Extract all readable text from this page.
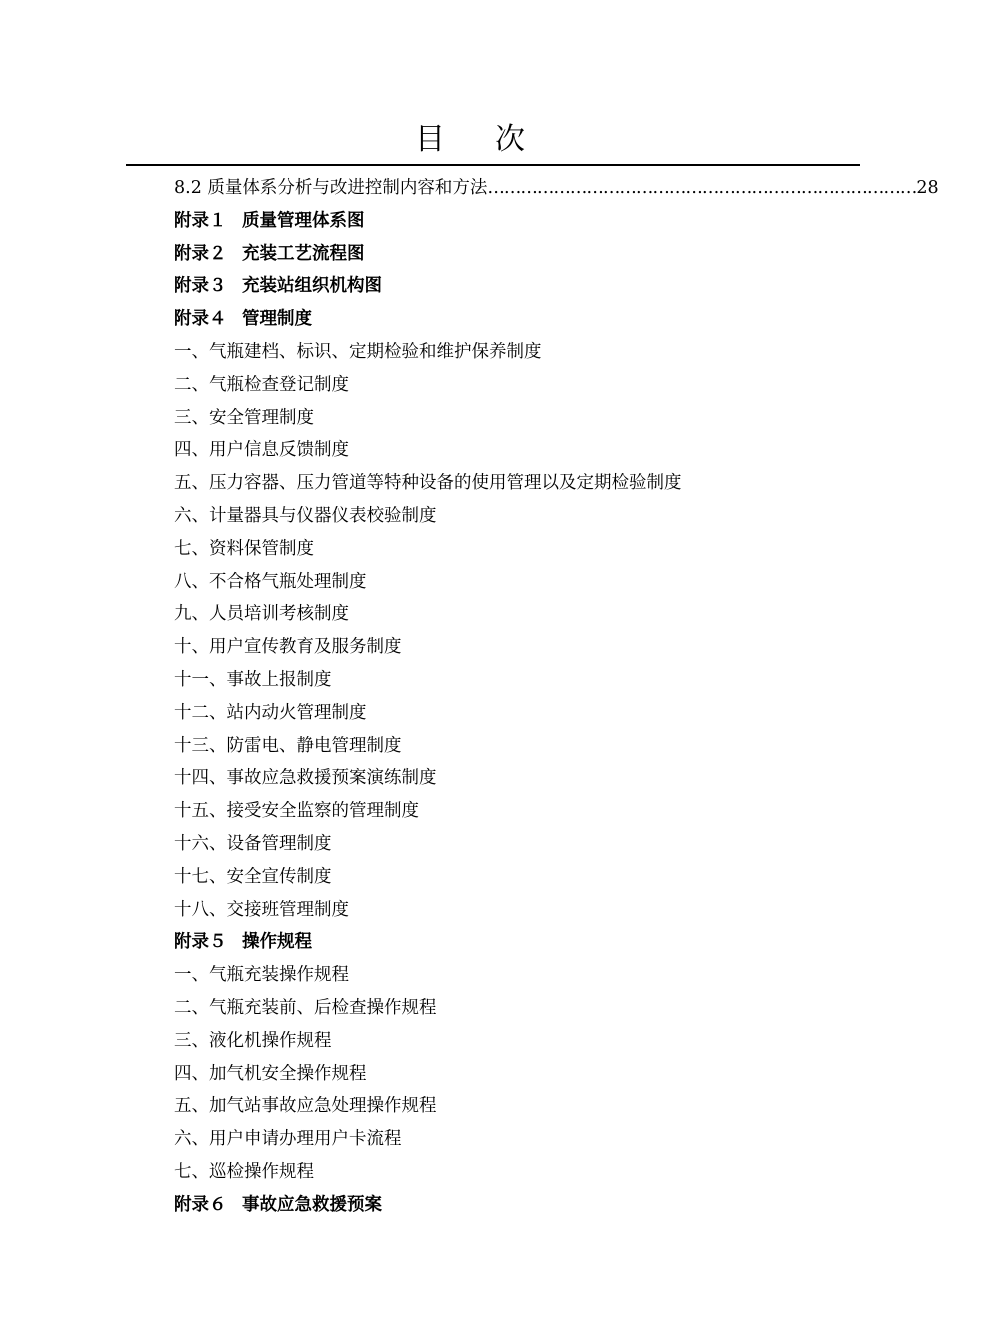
目次
8.2 质量体系分析与改进控制内容和方法 …………………………………………………………………… 28
附录１ 质量管理体系图
附录２ 充装工艺流程图
附录３ 充装站组织机构图
附录４ 管理制度
一、气瓶建档、标识、定期检验和维护保养制度
二、气瓶检查登记制度
三、安全管理制度
四、用户信息反馈制度
五、压力容器、压力管道等特种设备的使用管理以及定期检验制度
六、计量器具与仪器仪表校验制度
七、资料保管制度
八、不合格气瓶处理制度
九、人员培训考核制度
十、用户宣传教育及服务制度
十一、事故上报制度
十二、站内动火管理制度
十三、防雷电、静电管理制度
十四、事故应急救援预案演练制度
十五、接受安全监察的管理制度
十六、设备管理制度
十七、安全宣传制度
十八、交接班管理制度
附录５ 操作规程
一、气瓶充装操作规程
二、气瓶充装前、后检查操作规程
三、液化机操作规程
四、加气机安全操作规程
五、加气站事故应急处理操作规程
六、用户申请办理用户卡流程
七、巡检操作规程
附录６ 事故应急救援预案
